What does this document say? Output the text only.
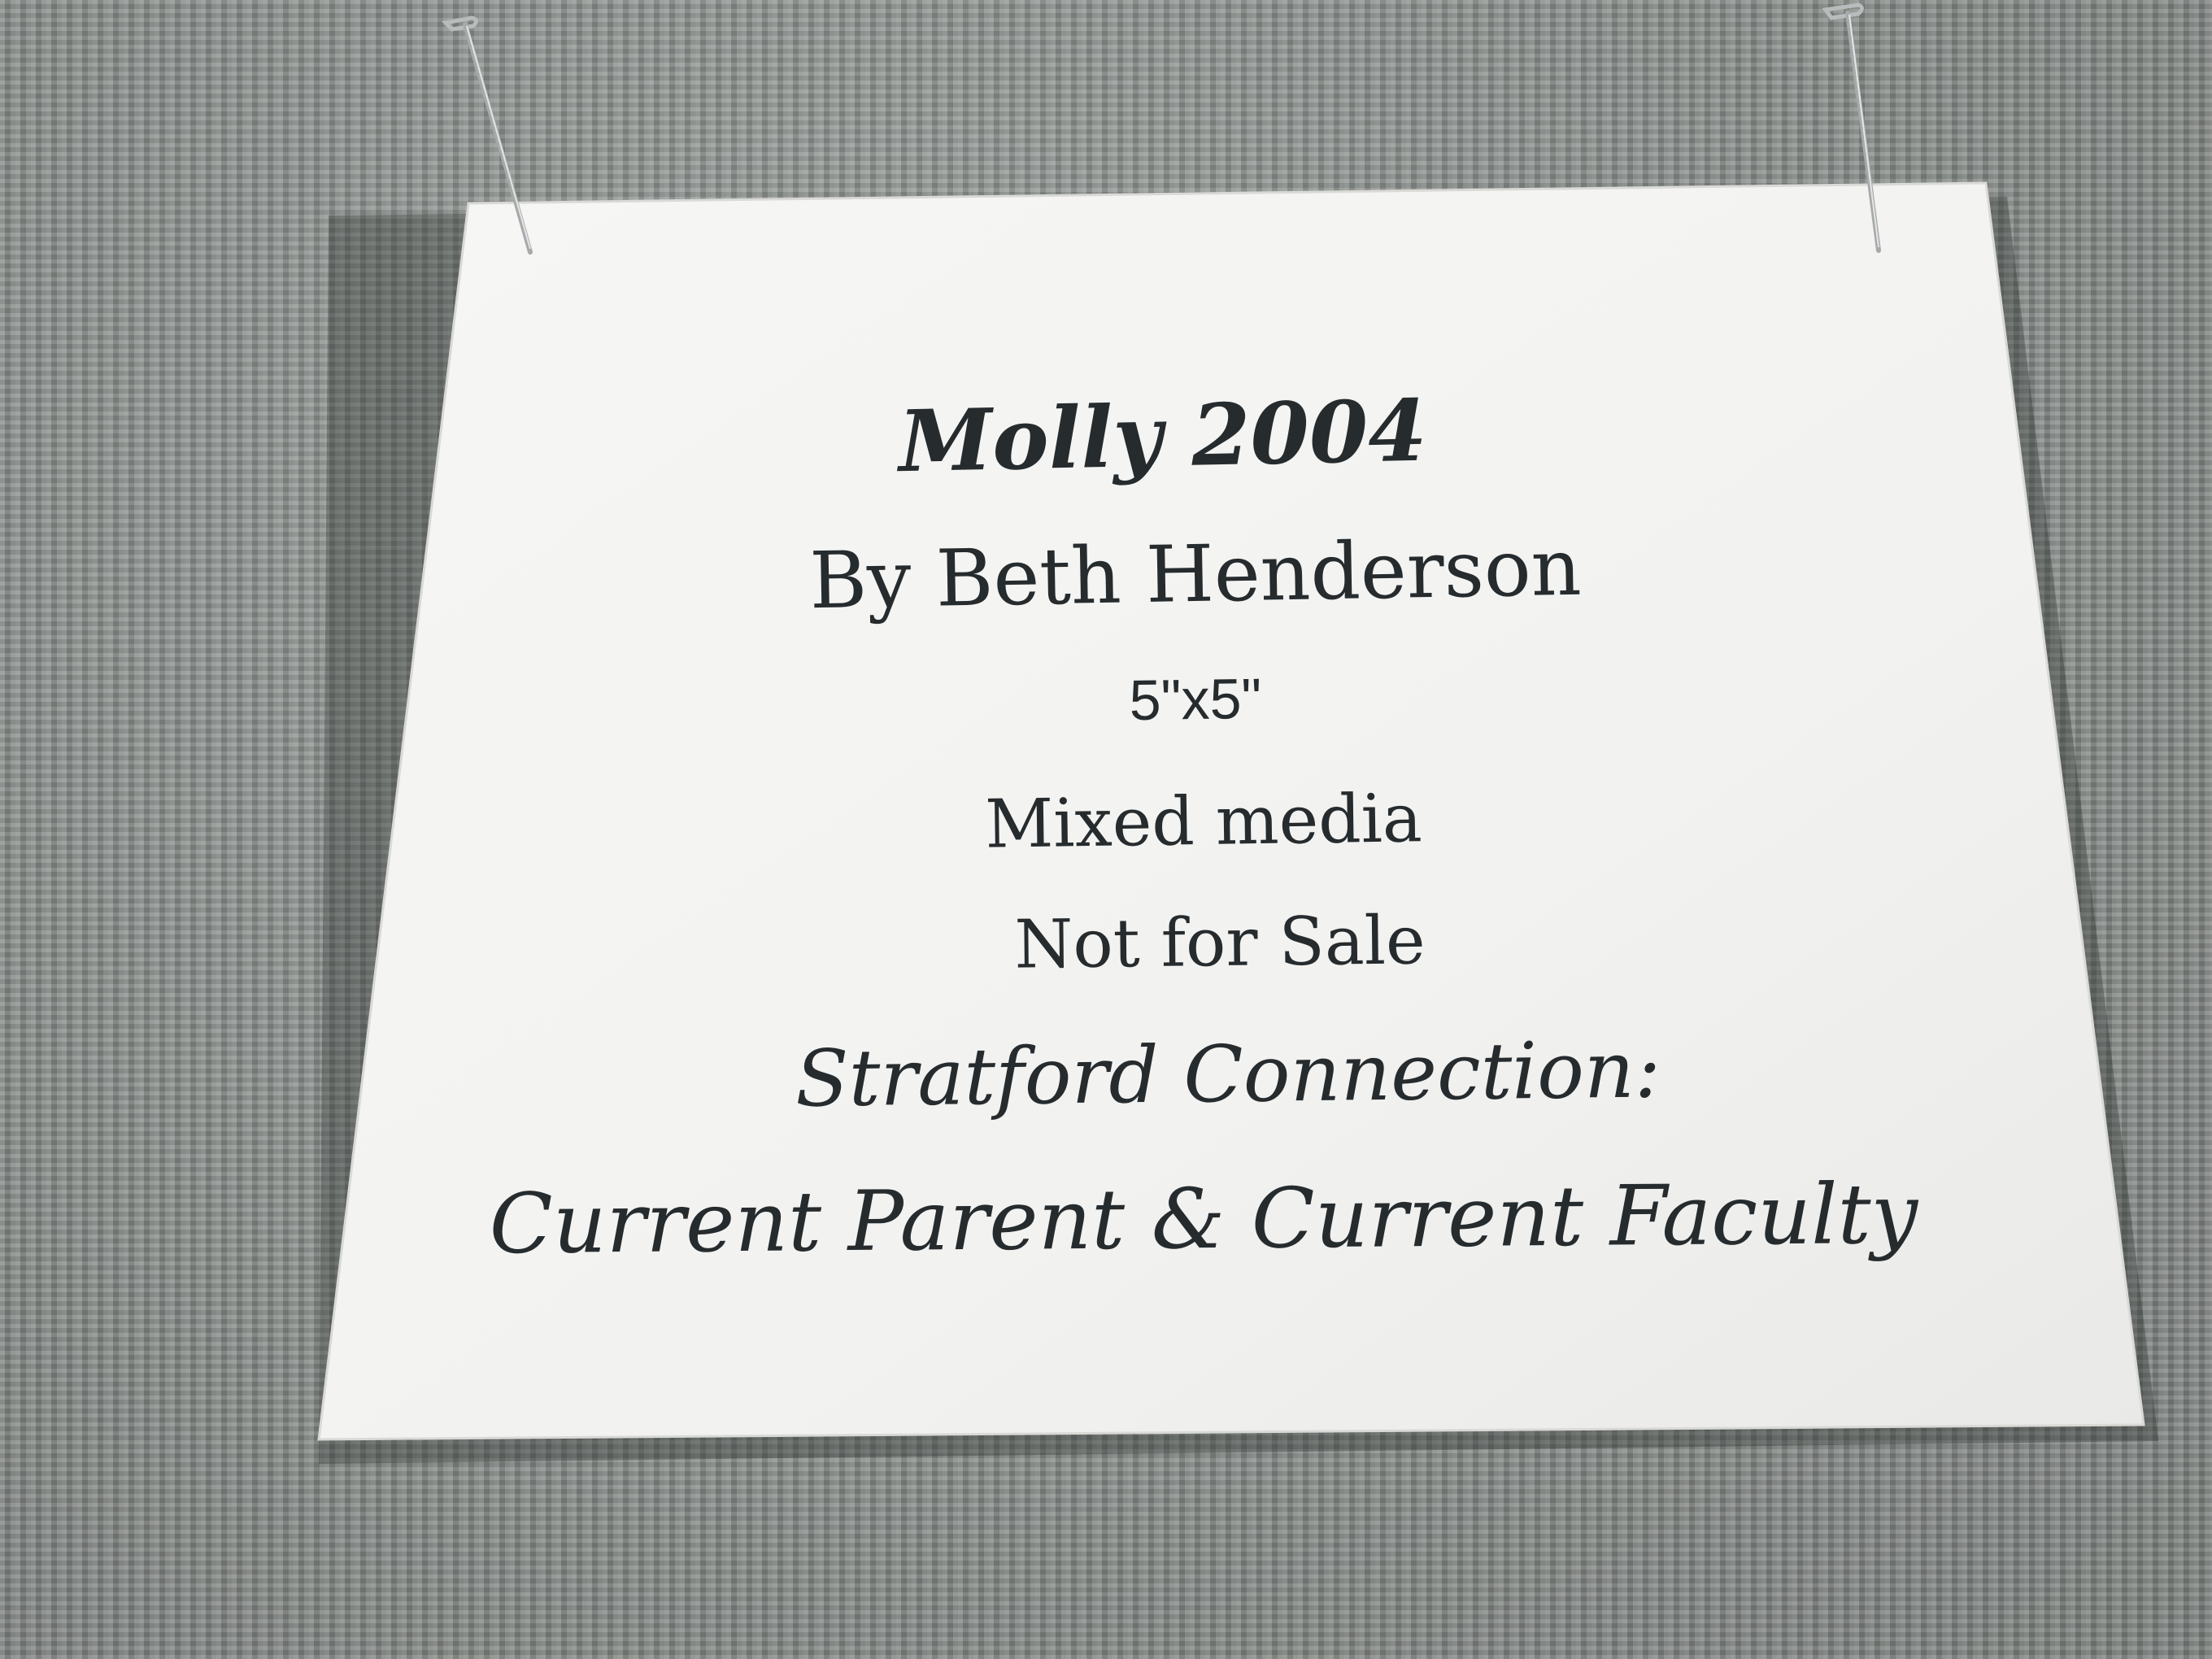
Molly 2004
By Beth Henderson
5"x5"
Mixed media
Not for Sale
Stratford Connection:
Current Parent & Current Faculty
